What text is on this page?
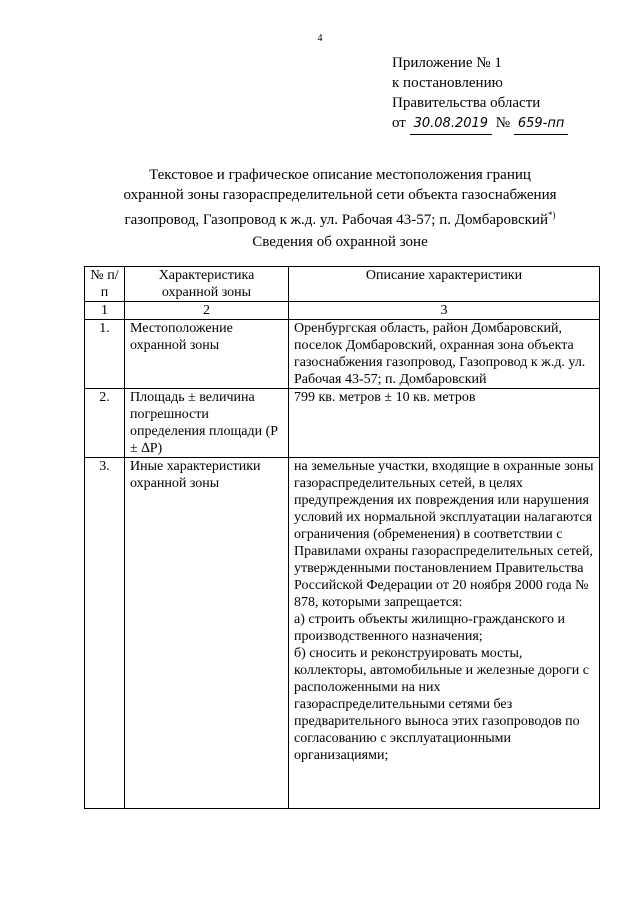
4
Приложение № 1
к постановлению
Правительства области
от 30.08.2019 № 659-пп
Текстовое и графическое описание местоположения границ
охранной зоны газораспределительной сети объекта газоснабжения
газопровод, Газопровод к ж.д. ул. Рабочая 43-57; п. Домбаровский*)
Сведения об охранной зоне
№ п/п	Характеристика охранной зоны	Описание характеристики
1	2	3
1.	Местоположение охранной зоны	Оренбургская область, район Домбаровский, поселок Домбаровский, охранная зона объекта газоснабжения газопровод, Газопровод к ж.д. ул. Рабочая 43-57; п. Домбаровский
2.	Площадь ± величина погрешности определения площади (Р ± ∆Р)	799 кв. метров ± 10 кв. метров
3.	Иные характеристики охранной зоны	на земельные участки, входящие в охранные зоны газораспределительных сетей, в целях предупреждения их повреждения или нарушения условий их нормальной эксплуатации налагаются ограничения (обременения) в соответствии с Правилами охраны газораспределительных сетей, утвержденными постановлением Правительства Российской Федерации от 20 ноября 2000 года № 878, которыми запрещается:
а) строить объекты жилищно-гражданского и производственного назначения;
б) сносить и реконструировать мосты, коллекторы, автомобильные и железные дороги с расположенными на них газораспределительными сетями без предварительного выноса этих газопроводов по согласованию с эксплуатационными организациями;
